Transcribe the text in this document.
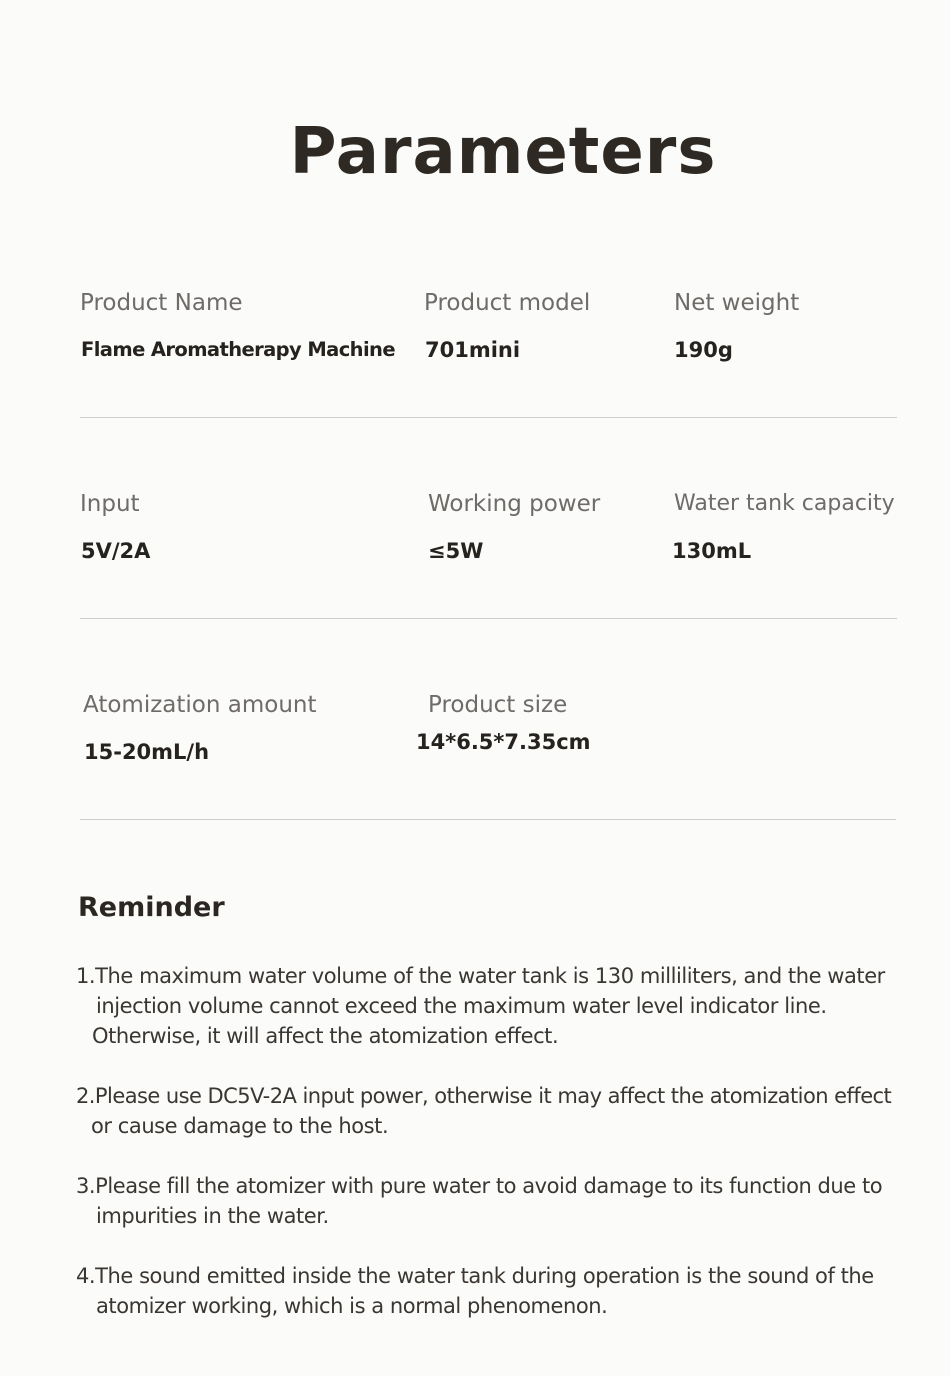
Parameters
Product Name
Flame Aromatherapy Machine
Product model
701mini
Net weight
190g
Input
5V/2A
Working power
≤5W
Water tank capacity
130mL
Atomization amount
15-20mL/h
Product size
14*6.5*7.35cm
Reminder
1.The maximum water volume of the water tank is 130 milliliters, and the water
injection volume cannot exceed the maximum water level indicator line.
Otherwise, it will affect the atomization effect.
2.Please use DC5V-2A input power, otherwise it may affect the atomization effect
or cause damage to the host.
3.Please fill the atomizer with pure water to avoid damage to its function due to
impurities in the water.
4.The sound emitted inside the water tank during operation is the sound of the
atomizer working, which is a normal phenomenon.
